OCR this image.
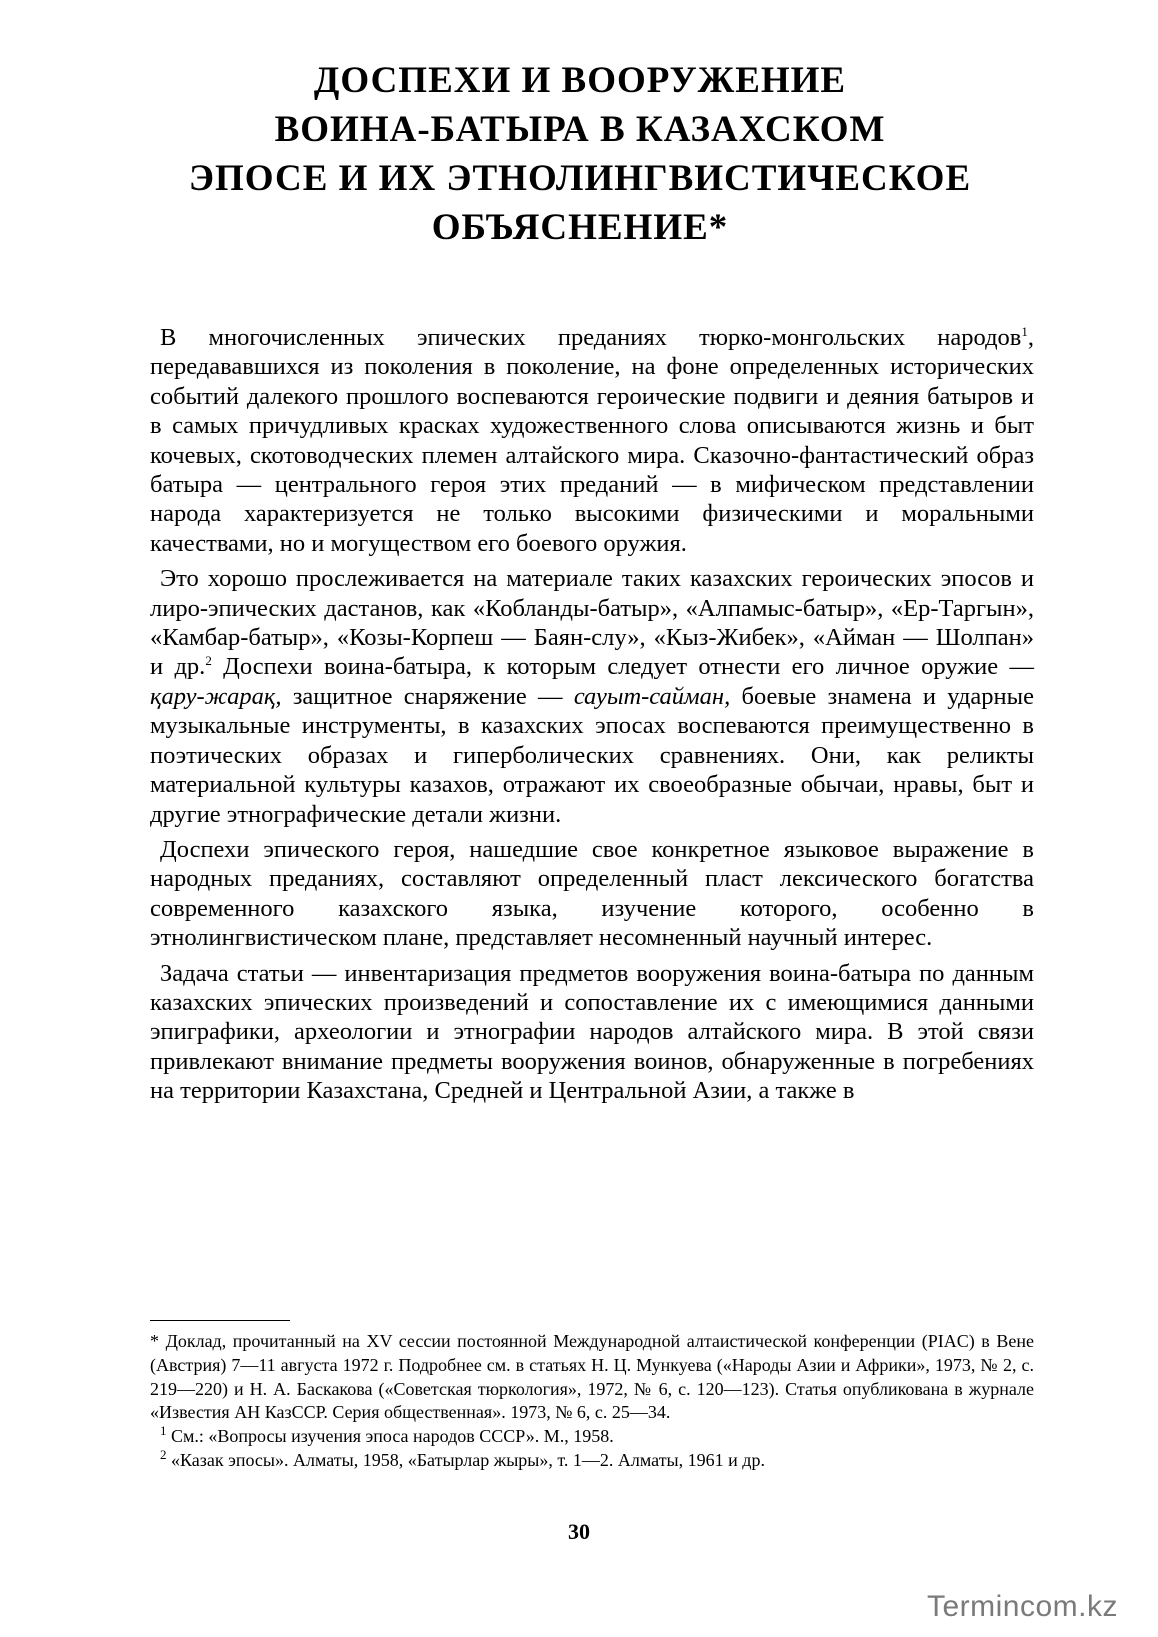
ДОСПЕХИ И ВООРУЖЕНИЕ
ВОИНА-БАТЫРА В КАЗАХСКОМ
ЭПОСЕ И ИХ ЭТНОЛИНГВИСТИЧЕСКОЕ
ОБЪЯСНЕНИЕ*

В многочисленных эпических преданиях тюрко-монгольских народов$^1$, передававшихся из поколения в поколение, на фоне определенных исторических событий далекого прошлого воспеваются героические подвиги и деяния батыров и в самых причудливых красках художественного слова описываются жизнь и быт кочевых, скотоводческих племен алтайского мира. Сказочно-фантастический образ батыра — центрального героя этих преданий — в мифическом представлении народа характеризуется не только высокими физическими и моральными качествами, но и могуществом его боевого оружия.

Это хорошо прослеживается на материале таких казахских героических эпосов и лиро-эпических дастанов, как «Кобланды-батыр», «Алпамыс-батыр», «Ер-Таргын», «Камбар-батыр», «Козы-Корпеш — Баян-слу», «Кыз-Жибек», «Айман — Шолпан» и др.$^2$ Доспехи воина-батыра, к которым следует отнести его личное оружие — қару-жарақ, защитное снаряжение — сауыт-сайман, боевые знамена и ударные музыкальные инструменты, в казахских эпосах воспеваются преимущественно в поэтических образах и гиперболических сравнениях. Они, как реликты материальной культуры казахов, отражают их своеобразные обычаи, нравы, быт и другие этнографические детали жизни.

Доспехи эпического героя, нашедшие свое конкретное языковое выражение в народных преданиях, составляют определенный пласт лексического богатства современного казахского языка, изучение которого, особенно в этнолингвистическом плане, представляет несомненный научный интерес.

Задача статьи — инвентаризация предметов вооружения воина-батыра по данным казахских эпических произведений и сопоставление их с имеющимися данными эпиграфики, археологии и этнографии народов алтайского мира. В этой связи привлекают внимание предметы вооружения воинов, обнаруженные в погребениях на территории Казахстана, Средней и Центральной Азии, а также в

* Доклад, прочитанный на XV сессии постоянной Международной алтаистической конференции (PIAC) в Вене (Австрия) 7—11 августа 1972 г. Подробнее см. в статьях Н. Ц. Мункуева («Народы Азии и Африки», 1973, № 2, с. 219—220) и Н. А. Баскакова («Советская тюркология», 1972, № 6, с. 120—123). Статья опубликована в журнале «Известия АН КазССР. Серия общественная». 1973, № 6, с. 25—34.

$^1$ См.: «Вопросы изучения эпоса народов СССР». М., 1958.

$^2$ «Казак эпосы». Алматы, 1958, «Батырлар жыры», т. 1—2. Алматы, 1961 и др.

30
Termincom.kz
